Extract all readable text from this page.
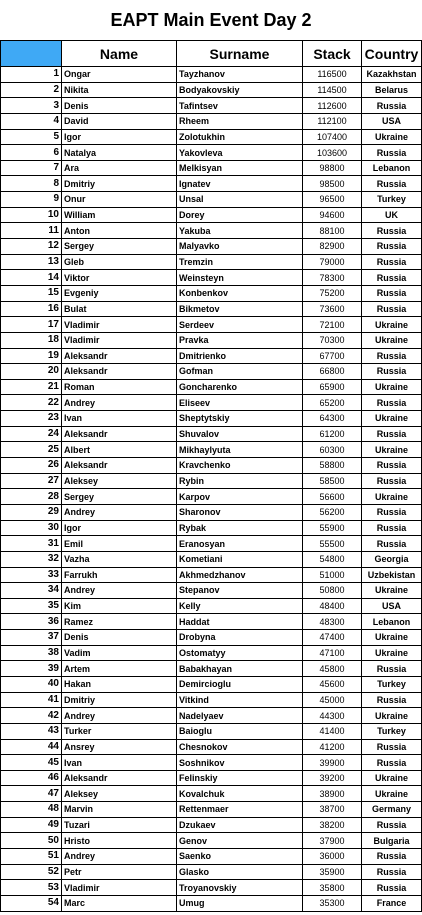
EAPT Main Event Day 2
	Name	Surname	Stack	Country
1	Ongar	Tayzhanov	116500	Kazakhstan
2	Nikita	Bodyakovskiy	114500	Belarus
3	Denis	Tafintsev	112600	Russia
4	David	Rheem	112100	USA
5	Igor	Zolotukhin	107400	Ukraine
6	Natalya	Yakovleva	103600	Russia
7	Ara	Melkisyan	98800	Lebanon
8	Dmitriy	Ignatev	98500	Russia
9	Onur	Unsal	96500	Turkey
10	William	Dorey	94600	UK
11	Anton	Yakuba	88100	Russia
12	Sergey	Malyavko	82900	Russia
13	Gleb	Tremzin	79000	Russia
14	Viktor	Weinsteyn	78300	Russia
15	Evgeniy	Konbenkov	75200	Russia
16	Bulat	Bikmetov	73600	Russia
17	Vladimir	Serdeev	72100	Ukraine
18	Vladimir	Pravka	70300	Ukraine
19	Aleksandr	Dmitrienko	67700	Russia
20	Aleksandr	Gofman	66800	Russia
21	Roman	Goncharenko	65900	Ukraine
22	Andrey	Eliseev	65200	Russia
23	Ivan	Sheptytskiy	64300	Ukraine
24	Aleksandr	Shuvalov	61200	Russia
25	Albert	Mikhaylyuta	60300	Ukraine
26	Aleksandr	Kravchenko	58800	Russia
27	Aleksey	Rybin	58500	Russia
28	Sergey	Karpov	56600	Ukraine
29	Andrey	Sharonov	56200	Russia
30	Igor	Rybak	55900	Russia
31	Emil	Eranosyan	55500	Russia
32	Vazha	Kometiani	54800	Georgia
33	Farrukh	Akhmedzhanov	51000	Uzbekistan
34	Andrey	Stepanov	50800	Ukraine
35	Kim	Kelly	48400	USA
36	Ramez	Haddat	48300	Lebanon
37	Denis	Drobyna	47400	Ukraine
38	Vadim	Ostomatyy	47100	Ukraine
39	Artem	Babakhayan	45800	Russia
40	Hakan	Demircioglu	45600	Turkey
41	Dmitriy	Vitkind	45000	Russia
42	Andrey	Nadelyaev	44300	Ukraine
43	Turker	Baioglu	41400	Turkey
44	Ansrey	Chesnokov	41200	Russia
45	Ivan	Soshnikov	39900	Russia
46	Aleksandr	Felinskiy	39200	Ukraine
47	Aleksey	Kovalchuk	38900	Ukraine
48	Marvin	Rettenmaer	38700	Germany
49	Tuzari	Dzukaev	38200	Russia
50	Hristo	Genov	37900	Bulgaria
51	Andrey	Saenko	36000	Russia
52	Petr	Glasko	35900	Russia
53	Vladimir	Troyanovskiy	35800	Russia
54	Marc	Umug	35300	France
